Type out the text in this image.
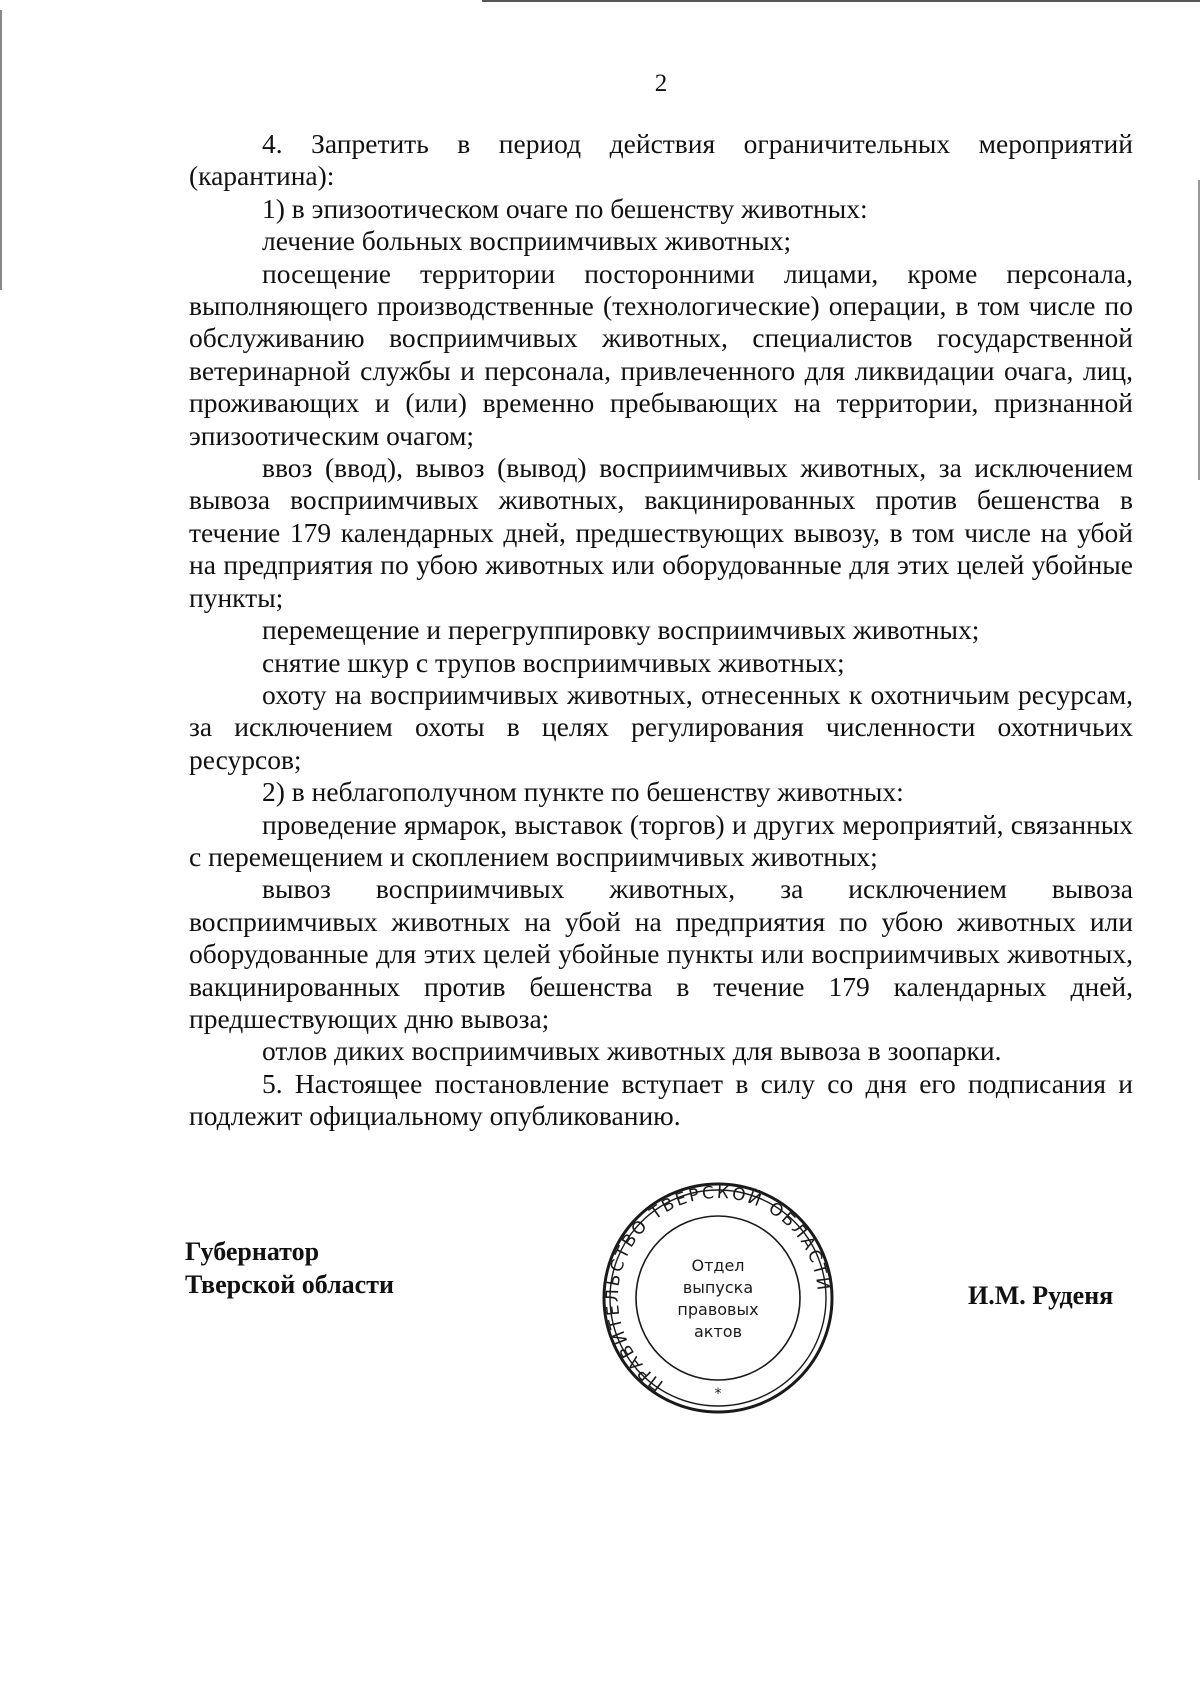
2

4. Запретить в период действия ограничительных мероприятий (карантина):

1) в эпизоотическом очаге по бешенству животных:

лечение больных восприимчивых животных;

посещение территории посторонними лицами, кроме персонала, выполняющего производственные (технологические) операции, в том числе по обслуживанию восприимчивых животных, специалистов государственной ветеринарной службы и персонала, привлеченного для ликвидации очага, лиц, проживающих и (или) временно пребывающих на территории, признанной эпизоотическим очагом;

ввоз (ввод), вывоз (вывод) восприимчивых животных, за исключением вывоза восприимчивых животных, вакцинированных против бешенства в течение 179 календарных дней, предшествующих вывозу, в том числе на убой на предприятия по убою животных или оборудованные для этих целей убойные пункты;

перемещение и перегруппировку восприимчивых животных;

снятие шкур с трупов восприимчивых животных;

охоту на восприимчивых животных, отнесенных к охотничьим ресурсам, за исключением охоты в целях регулирования численности охотничьих ресурсов;

2) в неблагополучном пункте по бешенству животных:

проведение ярмарок, выставок (торгов) и других мероприятий, связанных с перемещением и скоплением восприимчивых животных;

вывоз восприимчивых животных, за исключением вывоза восприимчивых животных на убой на предприятия по убою животных или оборудованные для этих целей убойные пункты или восприимчивых животных, вакцинированных против бешенства в течение 179 календарных дней, предшествующих дню вывоза;

отлов диких восприимчивых животных для вывоза в зоопарки.

5. Настоящее постановление вступает в силу со дня его подписания и подлежит официальному опубликованию.

Губернатор
Тверской области
ПРАВИТЕЛЬСТВО ТВЕРСКОЙ ОБЛАСТИ
*
Отдел
выпуска
правовых
актов
И.М. Руденя
